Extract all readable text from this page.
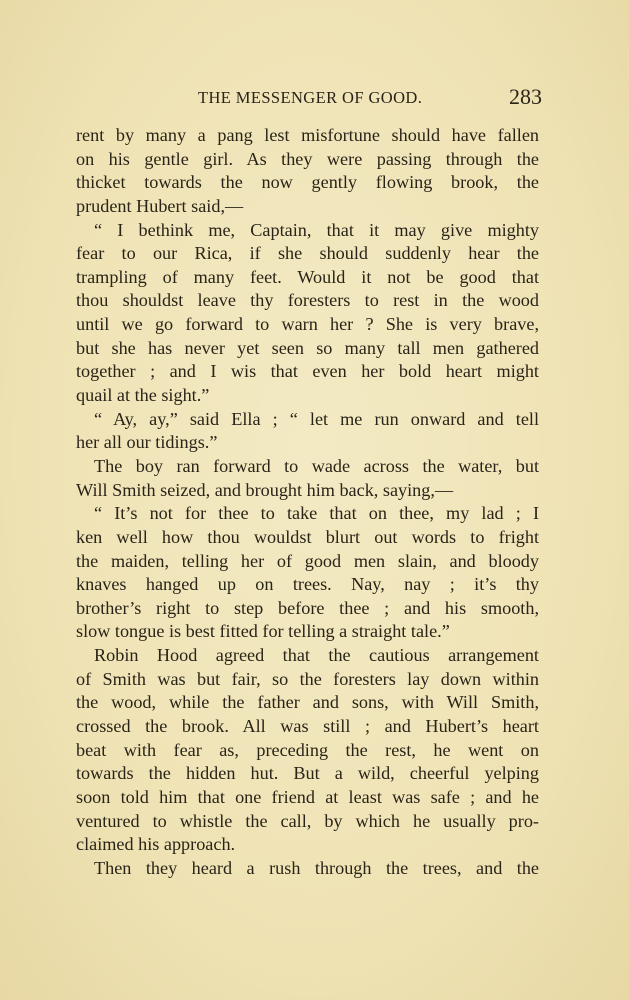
THE MESSENGER OF GOOD.	283
rent by many a pang lest misfortune should have fallen
on his gentle girl. As they were passing through the
thicket towards the now gently flowing brook, the
prudent Hubert said,—
“ I bethink me, Captain, that it may give mighty
fear to our Rica, if she should suddenly hear the
trampling of many feet. Would it not be good that
thou shouldst leave thy foresters to rest in the wood
until we go forward to warn her ? She is very brave,
but she has never yet seen so many tall men gathered
together ; and I wis that even her bold heart might
quail at the sight.”
“ Ay, ay,” said Ella ; “ let me run onward and tell
her all our tidings.”
The boy ran forward to wade across the water, but
Will Smith seized, and brought him back, saying,—
“ It’s not for thee to take that on thee, my lad ; I
ken well how thou wouldst blurt out words to fright
the maiden, telling her of good men slain, and bloody
knaves hanged up on trees. Nay, nay ; it’s thy
brother’s right to step before thee ; and his smooth,
slow tongue is best fitted for telling a straight tale.”
Robin Hood agreed that the cautious arrangement
of Smith was but fair, so the foresters lay down within
the wood, while the father and sons, with Will Smith,
crossed the brook. All was still ; and Hubert’s heart
beat with fear as, preceding the rest, he went on
towards the hidden hut. But a wild, cheerful yelping
soon told him that one friend at least was safe ; and he
ventured to whistle the call, by which he usually pro-
claimed his approach.
Then they heard a rush through the trees, and the
